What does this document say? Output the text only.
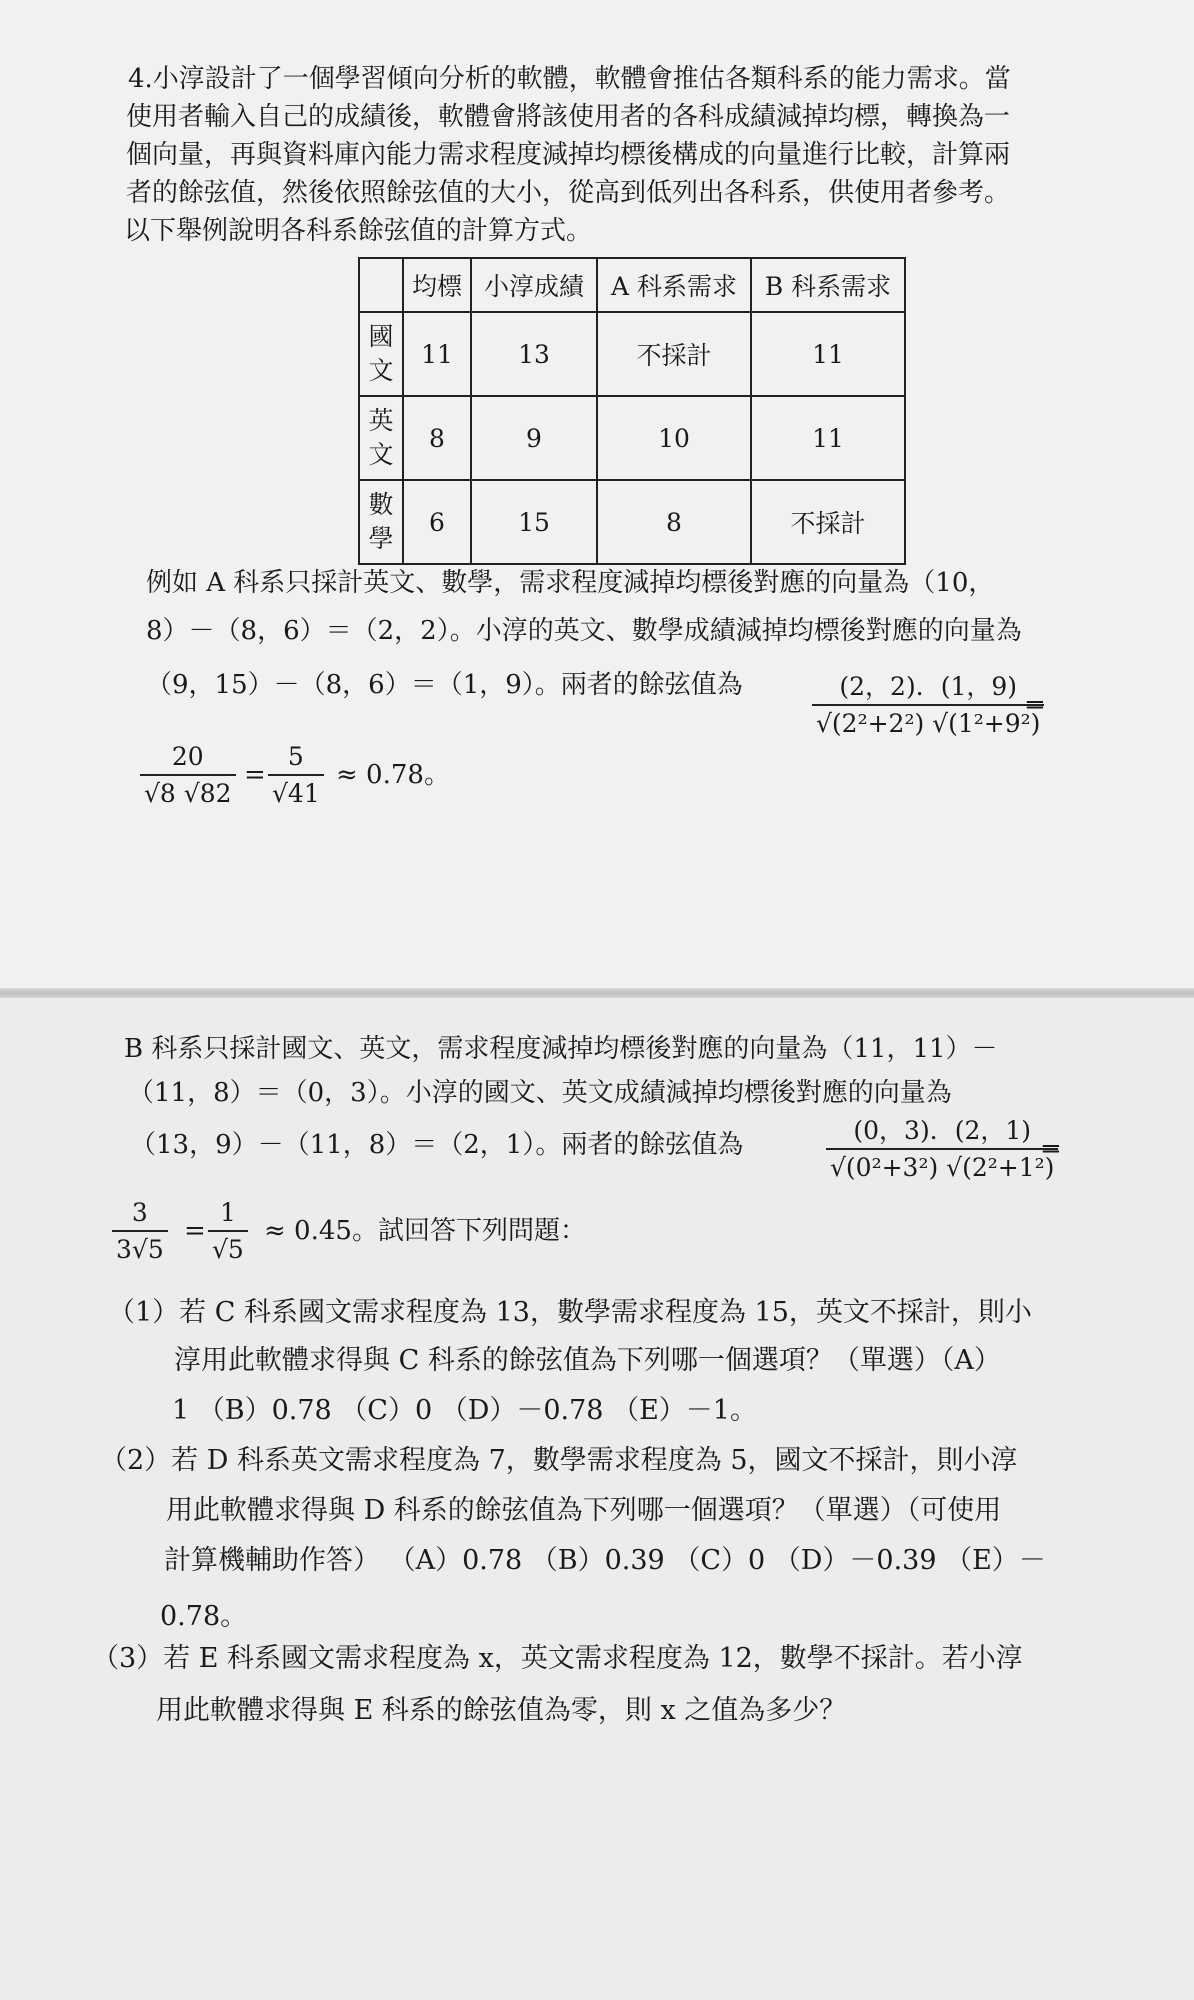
4.小淳設計了一個學習傾向分析的軟體，軟體會推估各類科系的能力需求。當
使用者輸入自己的成績後，軟體會將該使用者的各科成績減掉均標，轉換為一
個向量，再與資料庫內能力需求程度減掉均標後構成的向量進行比較，計算兩
者的餘弦值，然後依照餘弦值的大小，從高到低列出各科系，供使用者參考。
以下舉例說明各科系餘弦值的計算方式。
	均標	小淳成績	A 科系需求	B 科系需求
國文	11	13	不採計	11
英文	8	9	10	11
數學	6	15	8	不採計
例如 A 科系只採計英文、數學，需求程度減掉均標後對應的向量為（10，
8）－（8，6）＝（2，2）。小淳的英文、數學成績減掉均標後對應的向量為
（9，15）－（8，6）＝（1，9）。兩者的餘弦值為	$\frac{(2,2).(1,9)}{\text{√(2²+2²) √(1²+9²)}}$
=
$\frac{20}{√8 √82} = \frac{5}{√41} \approx 0.78$。
B 科系只採計國文、英文，需求程度減掉均標後對應的向量為（11，11）－
（11，8）＝（0，3）。小淳的國文、英文成績減掉均標後對應的向量為
（13，9）－（11，8）＝（2，1）。兩者的餘弦值為	$\frac{(0,3).(2,1)}{\text{√(0²+3²) √(2²+1²)}}$
=
$\frac{3}{3√5} = \frac{1}{√5} \approx 0.45$。試回答下列問題：
（1）若 C 科系國文需求程度為 13，數學需求程度為 15，英文不採計，則小
淳用此軟體求得與 C 科系的餘弦值為下列哪一個選項？（單選）（A）
1 （B）0.78 （C）0 （D）－0.78 （E）－1。
（2）若 D 科系英文需求程度為 7，數學需求程度為 5，國文不採計，則小淳
用此軟體求得與 D 科系的餘弦值為下列哪一個選項？（單選）（可使用
計算機輔助作答） （A）0.78 （B）0.39 （C）0 （D）－0.39 （E）－
0.78。
（3）若 E 科系國文需求程度為 x，英文需求程度為 12，數學不採計。若小淳
用此軟體求得與 E 科系的餘弦值為零，則 x 之值為多少？
